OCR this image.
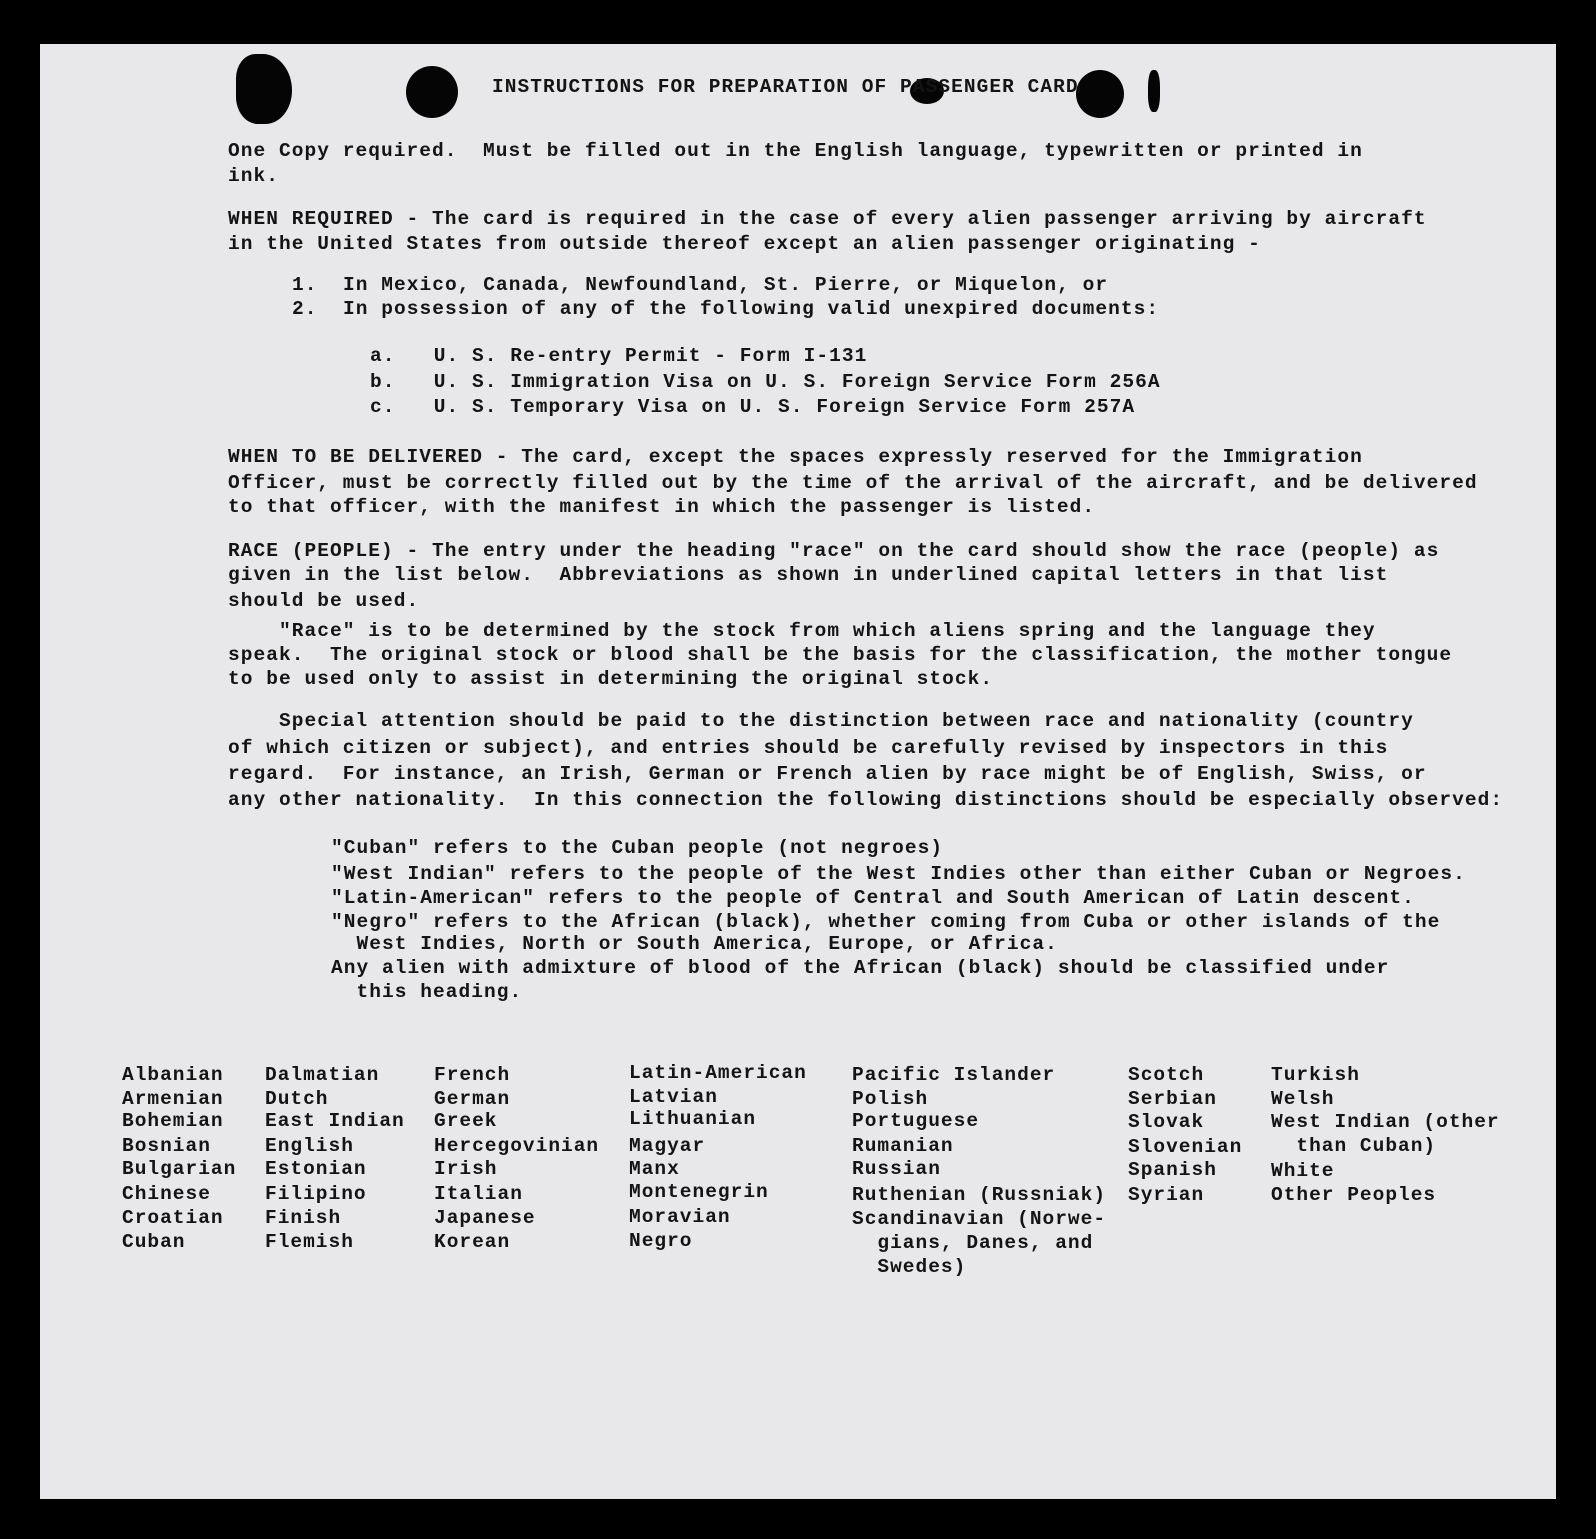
INSTRUCTIONS FOR PREPARATION OF PASSENGER CARD

One Copy required.  Must be filled out in the English language, typewritten or printed in

ink.

WHEN REQUIRED - The card is required in the case of every alien passenger arriving by aircraft

in the United States from outside thereof except an alien passenger originating -

1.  In Mexico, Canada, Newfoundland, St. Pierre, or Miquelon, or

2.  In possession of any of the following valid unexpired documents:

a.   U. S. Re-entry Permit - Form I-131

b.   U. S. Immigration Visa on U. S. Foreign Service Form 256A

c.   U. S. Temporary Visa on U. S. Foreign Service Form 257A

WHEN TO BE DELIVERED - The card, except the spaces expressly reserved for the Immigration

Officer, must be correctly filled out by the time of the arrival of the aircraft, and be delivered

to that officer, with the manifest in which the passenger is listed.

RACE (PEOPLE) - The entry under the heading "race" on the card should show the race (people) as

given in the list below.  Abbreviations as shown in underlined capital letters in that list

should be used.

"Race" is to be determined by the stock from which aliens spring and the language they

speak.  The original stock or blood shall be the basis for the classification, the mother tongue

to be used only to assist in determining the original stock.

Special attention should be paid to the distinction between race and nationality (country

of which citizen or subject), and entries should be carefully revised by inspectors in this

regard.  For instance, an Irish, German or French alien by race might be of English, Swiss, or

any other nationality.  In this connection the following distinctions should be especially observed:

"Cuban" refers to the Cuban people (not negroes)

"West Indian" refers to the people of the West Indies other than either Cuban or Negroes.

"Latin-American" refers to the people of Central and South American of Latin descent.

"Negro" refers to the African (black), whether coming from Cuba or other islands of the

West Indies, North or South America, Europe, or Africa.

Any alien with admixture of blood of the African (black) should be classified under

this heading.

Albanian
Armenian
Bohemian
Bosnian
Bulgarian
Chinese
Croatian
Cuban
Dalmatian
Dutch
East Indian
English
Estonian
Filipino
Finish
Flemish
French
German
Greek
Hercegovinian
Irish
Italian
Japanese
Korean
Latin-American
Latvian
Lithuanian
Magyar
Manx
Montenegrin
Moravian
Negro
Pacific Islander
Polish
Portuguese
Rumanian
Russian
Ruthenian (Russniak)
Scandinavian (Norwe-
gians, Danes, and
Swedes)
Scotch
Serbian
Slovak
Slovenian
Spanish
Syrian
Turkish
Welsh
West Indian (other
than Cuban)
White
Other Peoples
